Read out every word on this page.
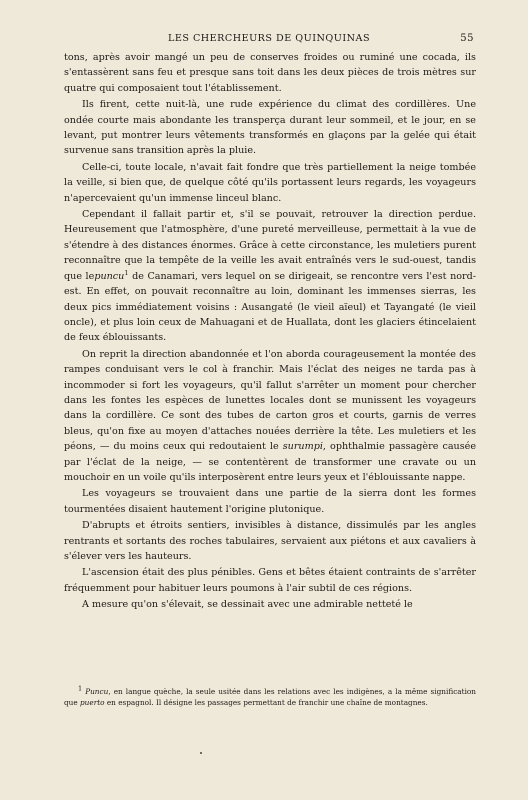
LES CHERCHEURS DE QUINQUINAS	55

tons, après avoir mangé un peu de conserves froides ou ruminé une cocada, ils s'entassèrent sans feu et presque sans toit dans les deux pièces de trois mètres sur quatre qui composaient tout l'établissement.

Ils firent, cette nuit-là, une rude expérience du climat des cordillères. Une ondée courte mais abondante les transperça durant leur sommeil, et le jour, en se levant, put montrer leurs vêtements transformés en glaçons par la gelée qui était survenue sans transition après la pluie.

Celle-ci, toute locale, n'avait fait fondre que très partiellement la neige tombée la veille, si bien que, de quelque côté qu'ils portassent leurs regards, les voyageurs n'apercevaient qu'un immense linceul blanc.

Cependant il fallait partir et, s'il se pouvait, retrouver la direction perdue. Heureusement que l'atmosphère, d'une pureté merveilleuse, permettait à la vue de s'étendre à des distances énormes. Grâce à cette circonstance, les muletiers purent reconnaître que la tempête de la veille les avait entraînés vers le sud-ouest, tandis que lepuncu$^1$ de Canamari, vers lequel on se dirigeait, se rencontre vers l'est nord-est. En effet, on pouvait reconnaître au loin, dominant les immenses sierras, les deux pics immédiatement voisins : Ausangaté (le vieil aïeul) et Tayangaté (le vieil oncle), et plus loin ceux de Mahuagani et de Huallata, dont les glaciers étincelaient de feux éblouissants.

On reprit la direction abandonnée et l'on aborda courageusement la montée des rampes conduisant vers le col à franchir. Mais l'éclat des neiges ne tarda pas à incommoder si fort les voyageurs, qu'il fallut s'arrêter un moment pour chercher dans les fontes les espèces de lunettes locales dont se munissent les voyageurs dans la cordillère. Ce sont des tubes de carton gros et courts, garnis de verres bleus, qu'on fixe au moyen d'attaches nouées derrière la tête. Les muletiers et les péons, — du moins ceux qui redoutaient le surumpi, ophthalmie passagère causée par l'éclat de la neige, — se contentèrent de transformer une cravate ou un mouchoir en un voile qu'ils interposèrent entre leurs yeux et l'éblouissante nappe.

Les voyageurs se trouvaient dans une partie de la sierra dont les formes tourmentées disaient hautement l'origine plutonique.

D'abrupts et étroits sentiers, invisibles à distance, dissimulés par les angles rentrants et sortants des roches tabulaires, servaient aux piétons et aux cavaliers à s'élever vers les hauteurs.

L'ascension était des plus pénibles. Gens et bêtes étaient contraints de s'arrêter fréquemment pour habituer leurs poumons à l'air subtil de ces régions.

A mesure qu'on s'élevait, se dessinait avec une admirable netteté le

1 Puncu, en langue quèche, la seule usitée dans les relations avec les indigènes, a la même signification que puerto en espagnol. Il désigne les passages permettant de franchir une chaîne de montagnes.
